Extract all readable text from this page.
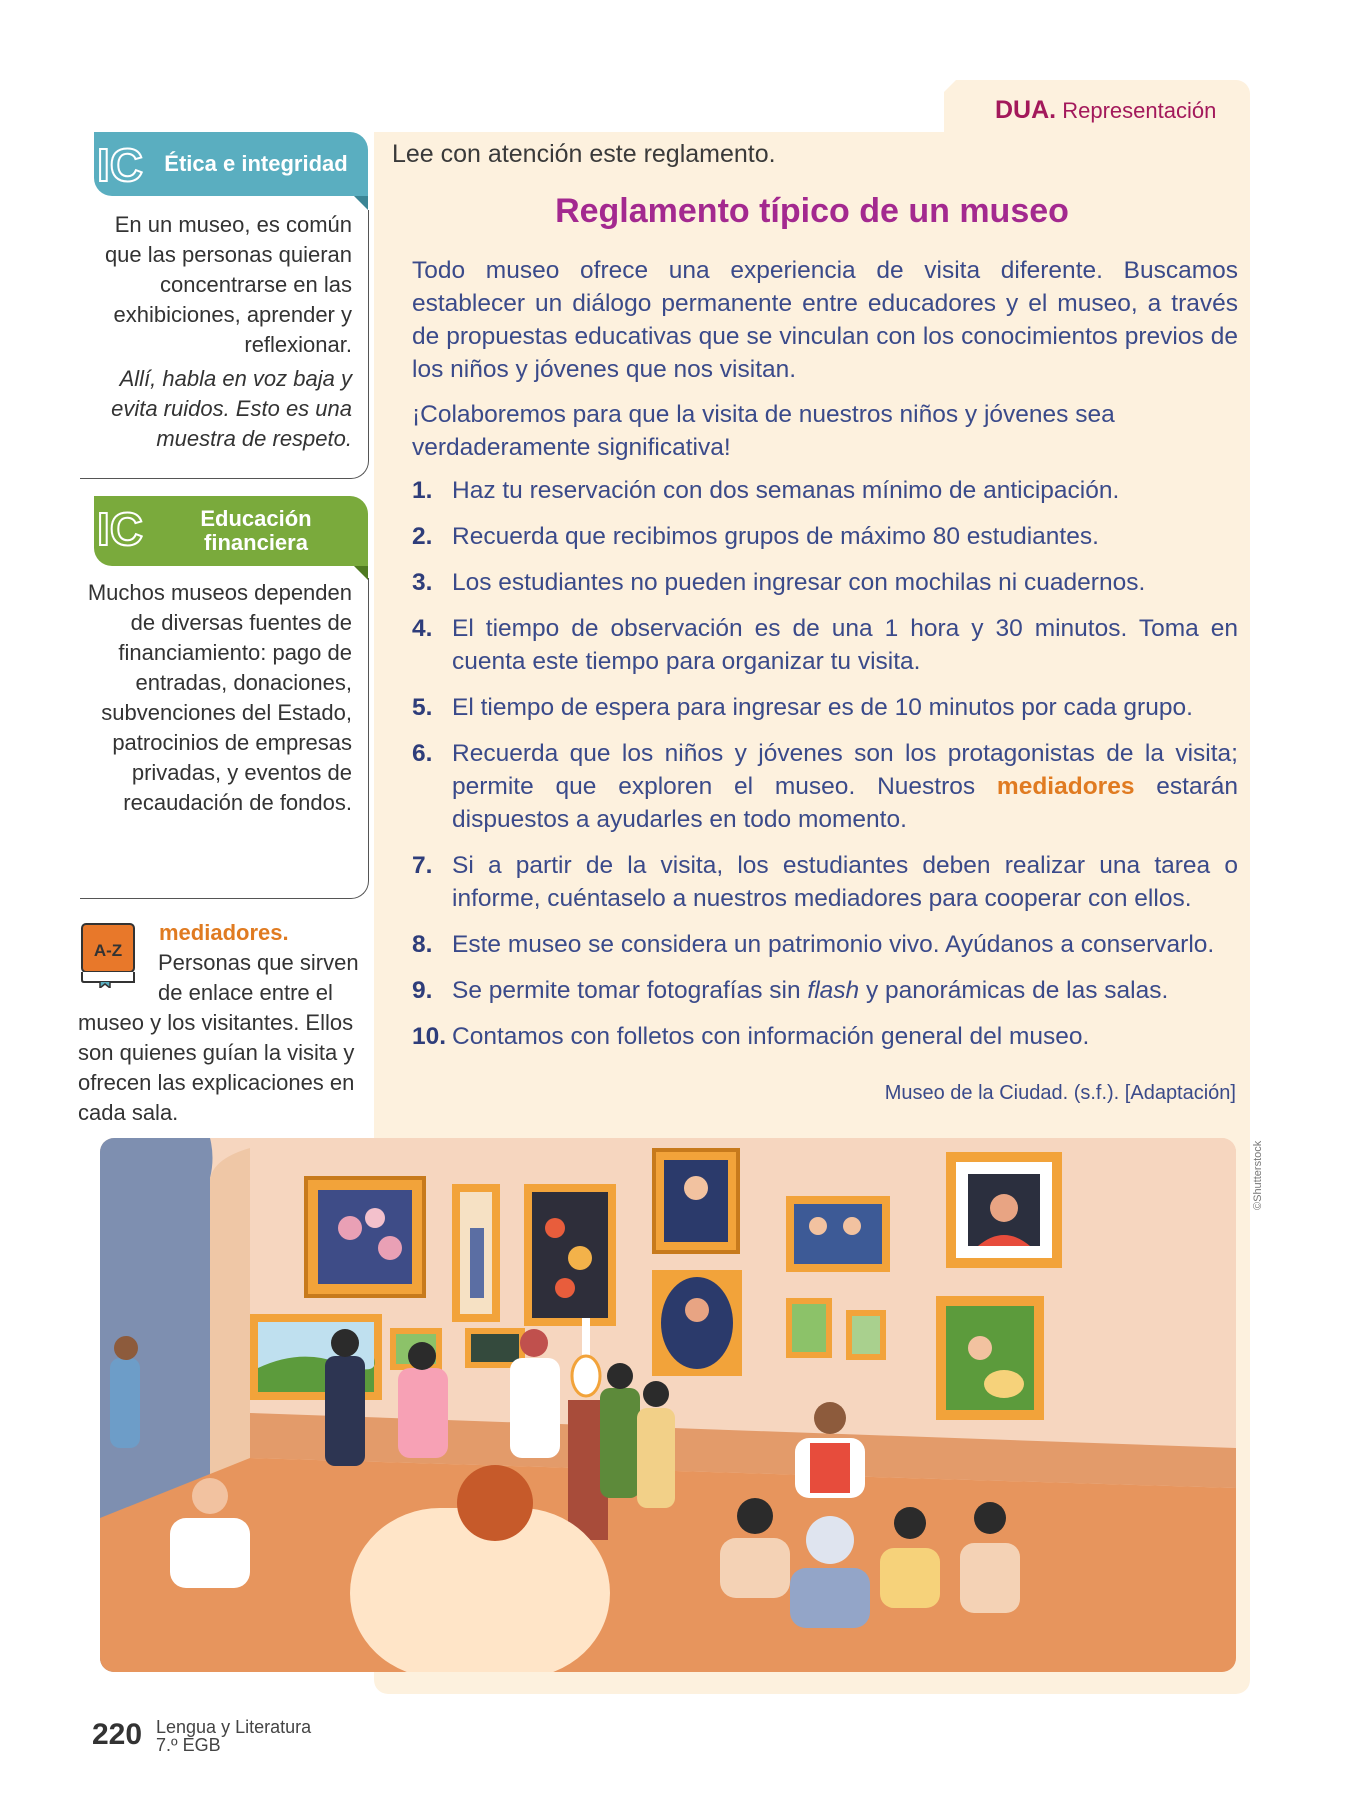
IC Ética e integridad
En un museo, es común que las personas quieran concentrarse en las exhibiciones, aprender y reflexionar.
Allí, habla en voz baja y evita ruidos. Esto es una muestra de respeto.
IC	Educación financiera
Muchos museos dependen de diversas fuentes de financiamiento: pago de entradas, donaciones, subvenciones del Estado, patrocinios de empresas privadas, y eventos de recaudación de fondos.
A-Z
mediadores.
Personas que sirven de enlace entre el museo y los visitantes. Ellos son quienes guían la visita y ofrecen las explicaciones en cada sala.
DUA. Representación
Lee con atención este reglamento.
Reglamento típico de un museo
Todo museo ofrece una experiencia de visita diferente. Buscamos establecer un diálogo permanente entre educadores y el museo, a través de propuestas educativas que se vinculan con los conocimientos previos de los niños y jóvenes que nos visitan.
¡Colaboremos para que la visita de nuestros niños y jóvenes sea verdaderamente significativa!
1. Haz tu reservación con dos semanas mínimo de anticipación.
2. Recuerda que recibimos grupos de máximo 80 estudiantes.
3. Los estudiantes no pueden ingresar con mochilas ni cuadernos.
4. El tiempo de observación es de una 1 hora y 30 minutos. Toma en cuenta este tiempo para organizar tu visita.
5. El tiempo de espera para ingresar es de 10 minutos por cada grupo.
6. Recuerda que los niños y jóvenes son los protagonistas de la visita; permite que exploren el museo. Nuestros mediadores estarán dispuestos a ayudarles en todo momento.
7. Si a partir de la visita, los estudiantes deben realizar una tarea o informe, cuéntaselo a nuestros mediadores para cooperar con ellos.
8. Este museo se considera un patrimonio vivo. Ayúdanos a conservarlo.
9. Se permite tomar fotografías sin flash y panorámicas de las salas.
10. Contamos con folletos con información general del museo.
Museo de la Ciudad. (s.f.). [Adaptación]
©Shutterstock
220 Lengua y Literatura
7.º EGB
